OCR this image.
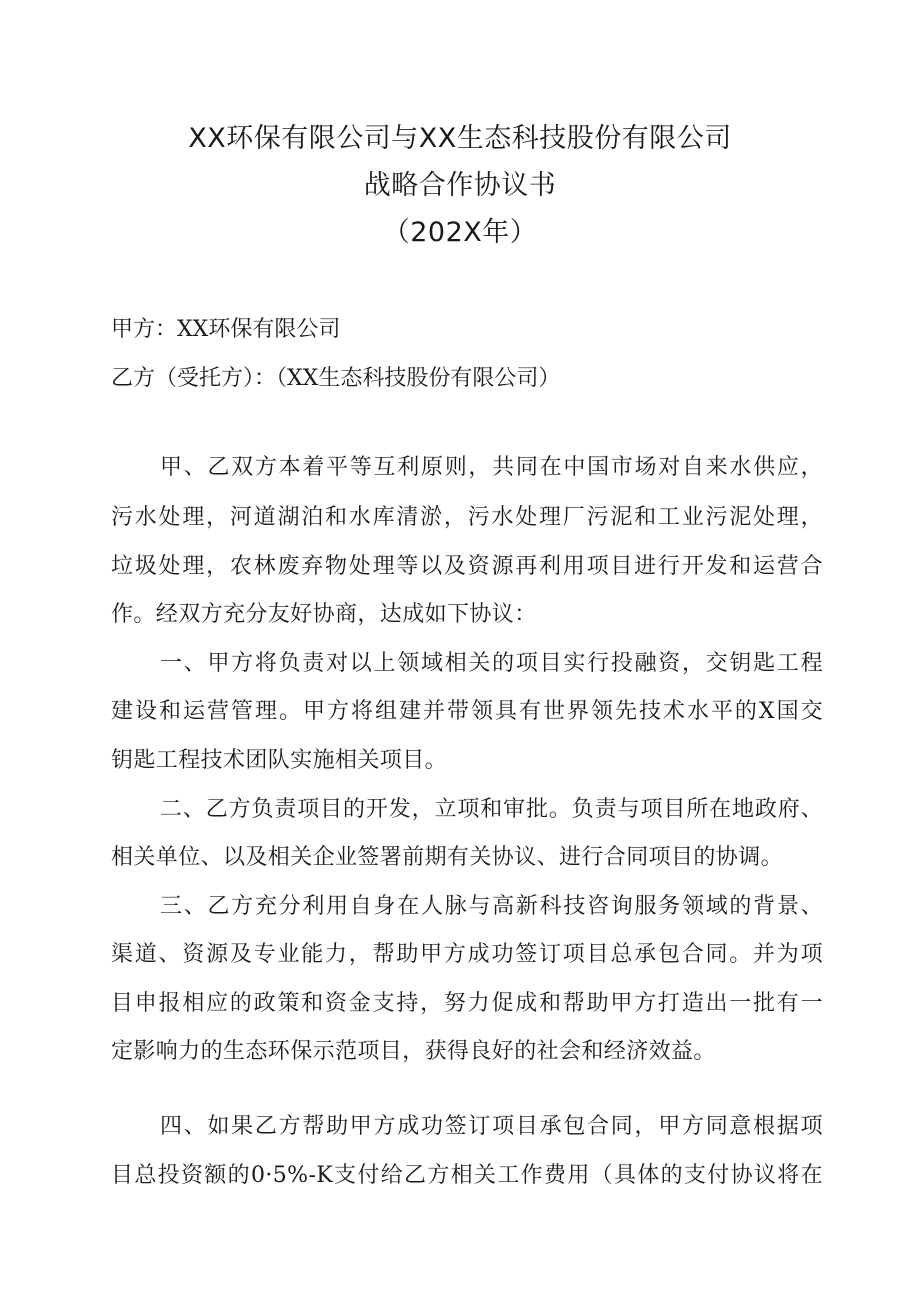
XX环保有限公司与XX生态科技股份有限公司
战略合作协议书
（202X年）
甲方：XX环保有限公司
乙方（受托方）：（XX生态科技股份有限公司）
甲、乙双方本着平等互利原则，共同在中国市场对自来水供应，
污水处理，河道湖泊和水库清淤，污水处理厂污泥和工业污泥处理，
垃圾处理，农林废弃物处理等以及资源再利用项目进行开发和运营合
作。经双方充分友好协商，达成如下协议：
一、甲方将负责对以上领域相关的项目实行投融资，交钥匙工程
建设和运营管理。甲方将组建并带领具有世界领先技术水平的X国交
钥匙工程技术团队实施相关项目。
二、乙方负责项目的开发，立项和审批。负责与项目所在地政府、
相关单位、以及相关企业签署前期有关协议、进行合同项目的协调。
三、乙方充分利用自身在人脉与高新科技咨询服务领域的背景、
渠道、资源及专业能力，帮助甲方成功签订项目总承包合同。并为项
目申报相应的政策和资金支持，努力促成和帮助甲方打造出一批有一
定影响力的生态环保示范项目，获得良好的社会和经济效益。
四、如果乙方帮助甲方成功签订项目承包合同，甲方同意根据项
目总投资额的0·5%-K支付给乙方相关工作费用（具体的支付协议将在
